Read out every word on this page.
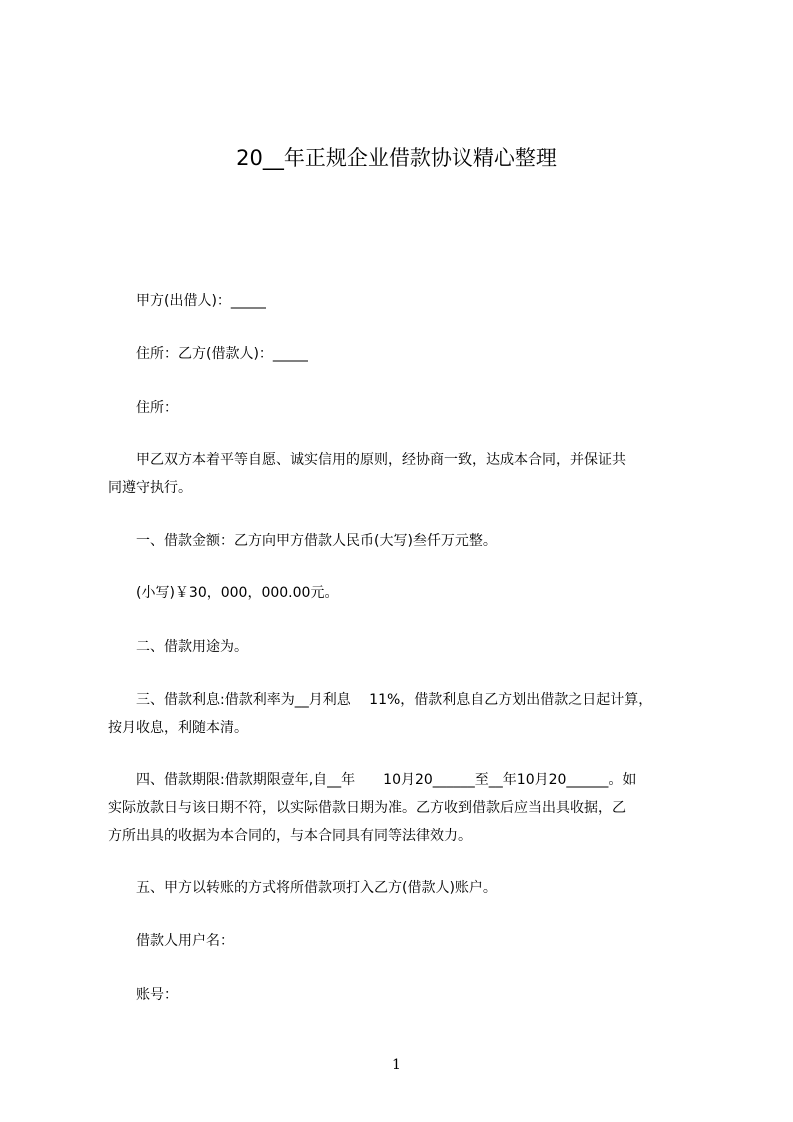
20__年正规企业借款协议精心整理
甲方(出借人)：_____
住所：乙方(借款人)：_____
住所：
甲乙双方本着平等自愿、诚实信用的原则，经协商一致，达成本合同，并保证共
同遵守执行。
一、借款金额：乙方向甲方借款人民币(大写)叁仟万元整。
(小写)￥30，000，000.00元。
二、借款用途为。
三、借款利息:借款利率为__月利息　 11%，借款利息自乙方划出借款之日起计算，
按月收息，利随本清。
四、借款期限:借款期限壹年,自__年　　10月20______至__年10月20______。如
实际放款日与该日期不符，以实际借款日期为准。乙方收到借款后应当出具收据，乙
方所出具的收据为本合同的，与本合同具有同等法律效力。
五、甲方以转账的方式将所借款项打入乙方(借款人)账户。
借款人用户名：
账号：
1
